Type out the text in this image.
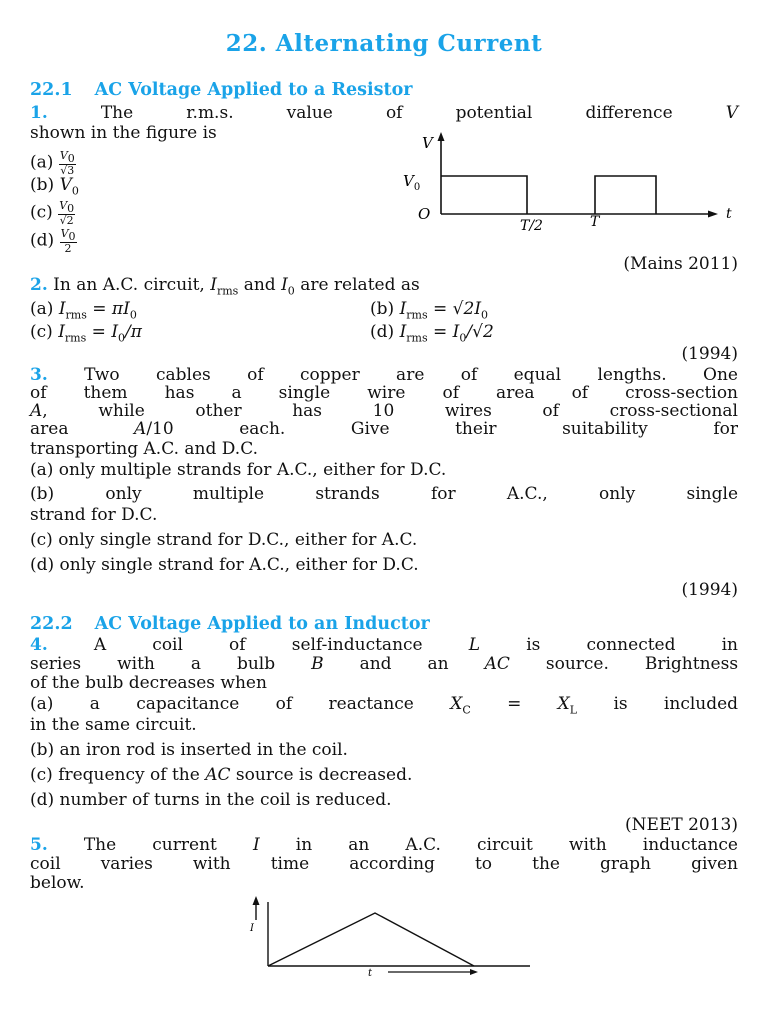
22. Alternating Current
22.1 AC Voltage Applied to a Resistor
1.	The r.m.s. value of potential difference	V
shown in the figure is
$(a) \frac{V_0}{√3}$
(b) $V_0$
$(c) \frac{V_0}{√2}$
$(d) \frac{V_0}{2}$
V
$V_0$
O
T/2	T	t
(Mains 2011)
2. In an A.C. circuit, $I_{rms}$ and $I_0$ are related as
(a) $I_{rms} = \pi I_0$	(b) $I_{rms} = √2I_0$
(c) $I_{rms} = I_0/\pi$	(d) $I_{rms} = I_0/√2$
(1994)
3. Two cables of copper are of equal lengths. One
of them has a single wire of area of cross-section
A, while other has 10 wires of cross-sectional
area	A/10 each. Give their suitability for
transporting A.C. and D.C.
(a) only multiple strands for A.C., either for D.C.
(b) only multiple strands for A.C., only single
strand for D.C.
(c) only single strand for D.C., either for A.C.
(d) only single strand for A.C., either for D.C.
(1994)
22.2 AC Voltage Applied to an Inductor
4.	A coil of self-inductance	L	is connected in
series with a bulb B and an AC source. Brightness
of the bulb decreases when
(a) a capacitance of reactance $X_C = X_L$ is included
in the same circuit.
(b) an iron rod is inserted in the coil.
(c) frequency of the AC source is decreased.
(d) number of turns in the coil is reduced.
(NEET 2013)
5. The current I in an A.C. circuit with inductance
coil varies with time according to the graph given
below.
I
t
